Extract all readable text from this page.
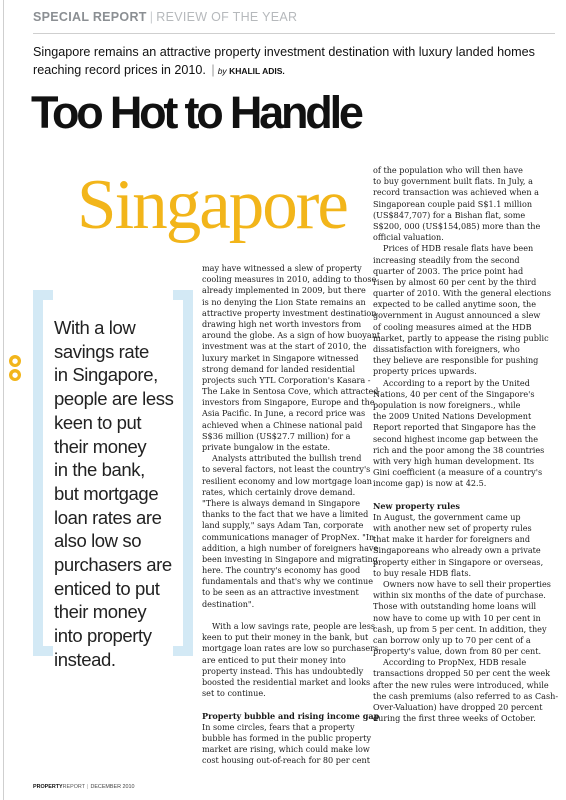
SPECIAL REPORT | REVIEW OF THE YEAR
Singapore remains an attractive property investment destination with luxury landed homes reaching record prices in 2010. | by KHALIL ADIS.
Too Hot to Handle
Singapore
●
●
With a low
savings rate
in Singapore,
people are less
keen to put
their money
in the bank,
but mortgage
loan rates are
also low so
purchasers are
enticed to put
their money
into property
instead.
may have witnessed a slew of property
cooling measures in 2010, adding to those
already implemented in 2009, but there
is no denying the Lion State remains an
attractive property investment destination
drawing high net worth investors from
around the globe. As a sign of how buoyant
investment was at the start of 2010, the
luxury market in Singapore witnessed
strong demand for landed residential
projects such YTL Corporation's Kasara -
The Lake in Sentosa Cove, which attracted
investors from Singapore, Europe and the
Asia Pacific. In June, a record price was
achieved when a Chinese national paid
S$36 million (US$27.7 million) for a
private bungalow in the estate.
Analysts attributed the bullish trend
to several factors, not least the country's
resilient economy and low mortgage loan
rates, which certainly drove demand.
"There is always demand in Singapore
thanks to the fact that we have a limited
land supply," says Adam Tan, corporate
communications manager of PropNex. "In
addition, a high number of foreigners have
been investing in Singapore and migrating
here. The country's economy has good
fundamentals and that's why we continue
to be seen as an attractive investment
destination".
With a low savings rate, people are less
keen to put their money in the bank, but
mortgage loan rates are low so purchasers
are enticed to put their money into
property instead. This has undoubtedly
boosted the residential market and looks
set to continue.
Property bubble and rising income gap
In some circles, fears that a property
bubble has formed in the public property
market are rising, which could make low
cost housing out-of-reach for 80 per cent
of the population who will then have
to buy government built flats. In July, a
record transaction was achieved when a
Singaporean couple paid S$1.1 million
(US$847,707) for a Bishan flat, some
S$200, 000 (US$154,085) more than the
official valuation.
Prices of HDB resale flats have been
increasing steadily from the second
quarter of 2003. The price point had
risen by almost 60 per cent by the third
quarter of 2010. With the general elections
expected to be called anytime soon, the
government in August announced a slew
of cooling measures aimed at the HDB
market, partly to appease the rising public
dissatisfaction with foreigners, who
they believe are responsible for pushing
property prices upwards.
According to a report by the United
Nations, 40 per cent of the Singapore's
population is now foreigners., while
the 2009 United Nations Development
Report reported that Singapore has the
second highest income gap between the
rich and the poor among the 38 countries
with very high human development. Its
Gini coefficient (a measure of a country's
income gap) is now at 42.5.
New property rules
In August, the government came up
with another new set of property rules
that make it harder for foreigners and
Singaporeans who already own a private
property either in Singapore or overseas,
to buy resale HDB flats.
Owners now have to sell their properties
within six months of the date of purchase.
Those with outstanding home loans will
now have to come up with 10 per cent in
cash, up from 5 per cent. In addition, they
can borrow only up to 70 per cent of a
property's value, down from 80 per cent.
According to PropNex, HDB resale
transactions dropped 50 per cent the week
after the new rules were introduced, while
the cash premiums (also referred to as Cash-
Over-Valuation) have dropped 20 percent
during the first three weeks of October.
PROPERTYREPORT | DECEMBER 2010
